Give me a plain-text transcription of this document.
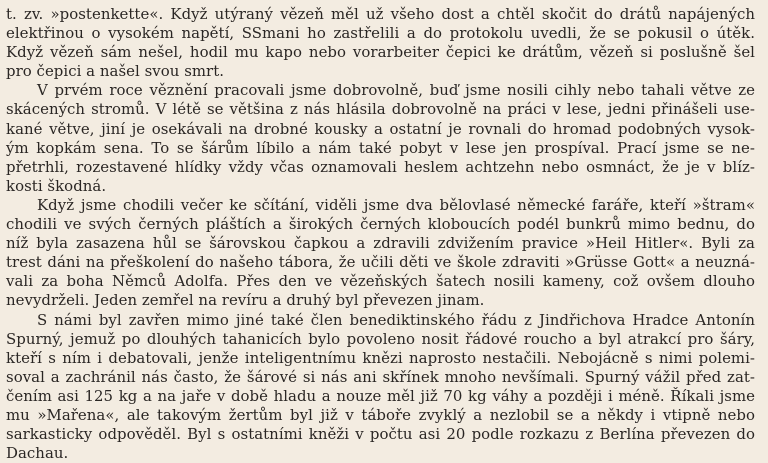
t. zv. »postenkette«. Když utýraný vězeň měl už všeho dost a chtěl skočit do drátů napájených
elektřinou o vysokém napětí, SSmani ho zastřelili a do protokolu uvedli, že se pokusil o útěk.
Když vězeň sám nešel, hodil mu kapo nebo vorarbeiter čepici ke drátům, vězeň si poslušně šel
pro čepici a našel svou smrt.
V prvém roce věznění pracovali jsme dobrovolně, buď jsme nosili cihly nebo tahali větve ze
skácených stromů. V létě se většina z nás hlásila dobrovolně na práci v lese, jedni přinášeli use-
kané větve, jiní je osekávali na drobné kousky a ostatní je rovnali do hromad podobných vysok-
ým kopkám sena. To se šárům líbilo a nám také pobyt v lese jen prospíval. Prací jsme se ne-
přetrhli, rozestavené hlídky vždy včas oznamovali heslem achtzehn nebo osmnáct, že je v blíz-
kosti škodná.
Když jsme chodili večer ke sčítání, viděli jsme dva bělovlasé německé faráře, kteří »štram«
chodili ve svých černých pláštích a širokých černých kloboucích podél bunkrů mimo bednu, do
níž byla zasazena hůl se šárovskou čapkou a zdravili zdvižením pravice »Heil Hitler«. Byli za
trest dáni na přeškolení do našeho tábora, že učili děti ve škole zdraviti »Grüsse Gott« a neuzná-
vali za boha Němců Adolfa. Přes den ve vězeňských šatech nosili kameny, což ovšem dlouho
nevydrželi. Jeden zemřel na revíru a druhý byl převezen jinam.
S námi byl zavřen mimo jiné také člen benediktinského řádu z Jindřichova Hradce Antonín
Spurný, jemuž po dlouhých tahanicích bylo povoleno nosit řádové roucho a byl atrakcí pro šáry,
kteří s ním i debatovali, jenže inteligentnímu knězi naprosto nestačili. Nebojácně s nimi polemi-
soval a zachránil nás často, že šárové si nás ani skřínek mnoho nevšímali. Spurný vážil před zat-
čením asi 125 kg a na jaře v době hladu a nouze měl již 70 kg váhy a později i méně. Říkali jsme
mu »Mařena«, ale takovým žertům byl již v táboře zvyklý a nezlobil se a někdy i vtipně nebo
sarkasticky odpověděl. Byl s ostatními kněži v počtu asi 20 podle rozkazu z Berlína převezen do
Dachau.
